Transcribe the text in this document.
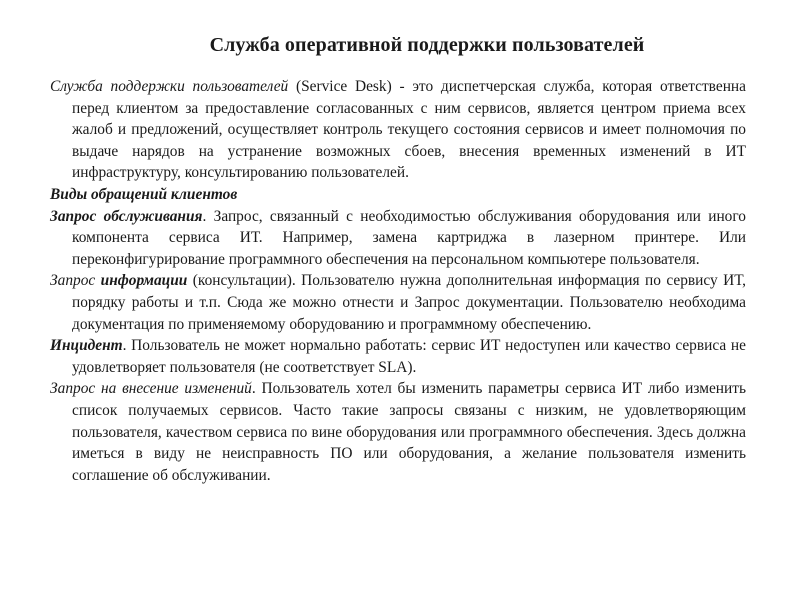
Служба оперативной поддержки пользователей

Служба поддержки пользователей (Service Desk) - это диспетчерская служба, которая ответственна перед клиентом за предоставление согласованных с ним сервисов, является центром приема всех жалоб и предложений, осуществляет контроль текущего состояния сервисов и имеет полномочия по выдаче нарядов на устранение возможных сбоев, внесения временных изменений в ИТ инфраструктуру, консультированию пользователей.

Виды обращений клиентов

Запрос обслуживания. Запрос, связанный с необходимостью обслуживания оборудования или иного компонента сервиса ИТ. Например, замена картриджа в лазерном принтере. Или переконфигурирование программного обеспечения на персональном компьютере пользователя.

Запрос информации (консультации). Пользователю нужна дополнительная информация по сервису ИТ, порядку работы и т.п. Сюда же можно отнести и Запрос документации. Пользователю необходима документация по применяемому оборудованию и программному обеспечению.

Инцидент. Пользователь не может нормально работать: сервис ИТ недоступен или качество сервиса не удовлетворяет пользователя (не соответствует SLA).

Запрос на внесение изменений. Пользователь хотел бы изменить параметры сервиса ИТ либо изменить список получаемых сервисов. Часто такие запросы связаны с низким, не удовлетворяющим пользователя, качеством сервиса по вине оборудования или программного обеспечения. Здесь должна иметься в виду не неисправность ПО или оборудования, а желание пользователя изменить соглашение об обслуживании.
